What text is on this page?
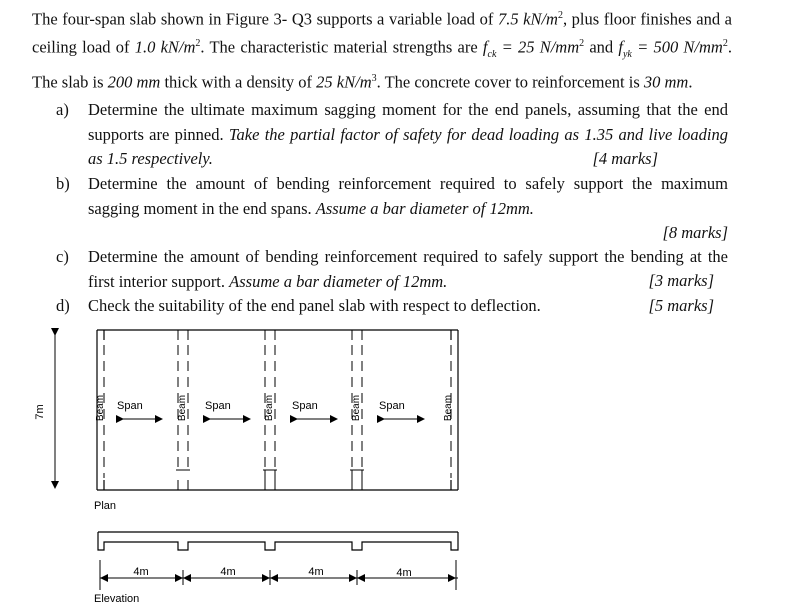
The four-span slab shown in Figure 3- Q3 supports a variable load of 7.5 $kN/m^2$, plus floor finishes and a ceiling load of 1.0 $kN/m^2$. The characteristic material strengths are $f_{ck} = 25$ $N/mm^2$ and $f_{yk} = 500$ $N/mm^2$. The slab is 200 mm thick with a density of 25 $kN/m^3$. The concrete cover to reinforcement is 30 mm.
a) Determine the ultimate maximum sagging moment for the end panels, assuming that the end supports are pinned. Take the partial factor of safety for dead loading as 1.35 and live loading as 1.5 respectively.	[4 marks]
b) Determine the amount of bending reinforcement required to safely support the maximum sagging moment in the end spans. Assume a bar diameter of 12mm.
[8 marks]
c) Determine the amount of bending reinforcement required to safely support the bending at the first interior support. Assume a bar diameter of 12mm.	[3 marks]
d) Check the suitability of the end panel slab with respect to deflection.	[5 marks]
7m	Beam	Beam	Beam	Beam	Beam
Span	Span	Span	Span
Plan
4m	4m	4m	4m
Elevation
